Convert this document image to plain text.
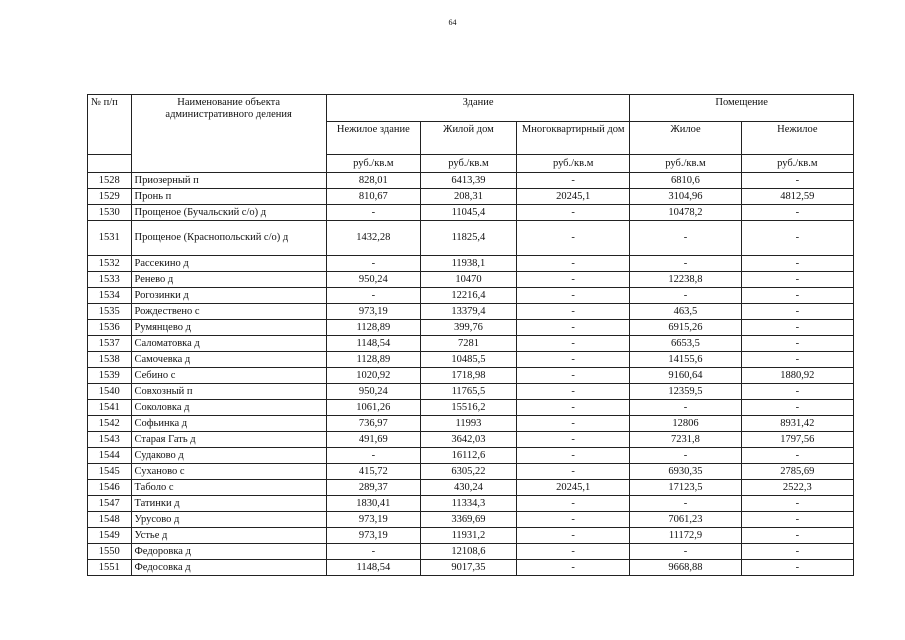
64
№ п/п	Наименование объекта административного деления	Здание			Помещение	
		Нежилое здание	Жилой дом	Многоквартирный дом	Жилое	Нежилое
		руб./кв.м	руб./кв.м	руб./кв.м	руб./кв.м	руб./кв.м
1528	Приозерный п	828,01	6413,39	-	6810,6	-
1529	Пронь п	810,67	208,31	20245,1	3104,96	4812,59
1530	Прощеное (Бучальский с/о) д	-	11045,4	-	10478,2	-
1531	Прощеное (Краснопольский с/о) д	1432,28	11825,4	-	-	-
1532	Рассекино д	-	11938,1	-	-	-
1533	Ренево д	950,24	10470	-	12238,8	-
1534	Рогозинки д	-	12216,4	-	-	-
1535	Рождествено с	973,19	13379,4	-	463,5	-
1536	Румянцево д	1128,89	399,76	-	6915,26	-
1537	Саломатовка д	1148,54	7281	-	6653,5	-
1538	Самочевка д	1128,89	10485,5	-	14155,6	-
1539	Себино с	1020,92	1718,98	-	9160,64	1880,92
1540	Совхозный п	950,24	11765,5	-	12359,5	-
1541	Соколовка д	1061,26	15516,2	-	-	-
1542	Софьинка д	736,97	11993	-	12806	8931,42
1543	Старая Гать д	491,69	3642,03	-	7231,8	1797,56
1544	Судаково д	-	16112,6	-	-	-
1545	Суханово с	415,72	6305,22	-	6930,35	2785,69
1546	Таболо с	289,37	430,24	20245,1	17123,5	2522,3
1547	Татинки д	1830,41	11334,3	-	-	-
1548	Урусово д	973,19	3369,69	-	7061,23	-
1549	Устье д	973,19	11931,2	-	11172,9	-
1550	Федоровка д	-	12108,6	-	-	-
1551	Федосовка д	1148,54	9017,35	-	9668,88	-
